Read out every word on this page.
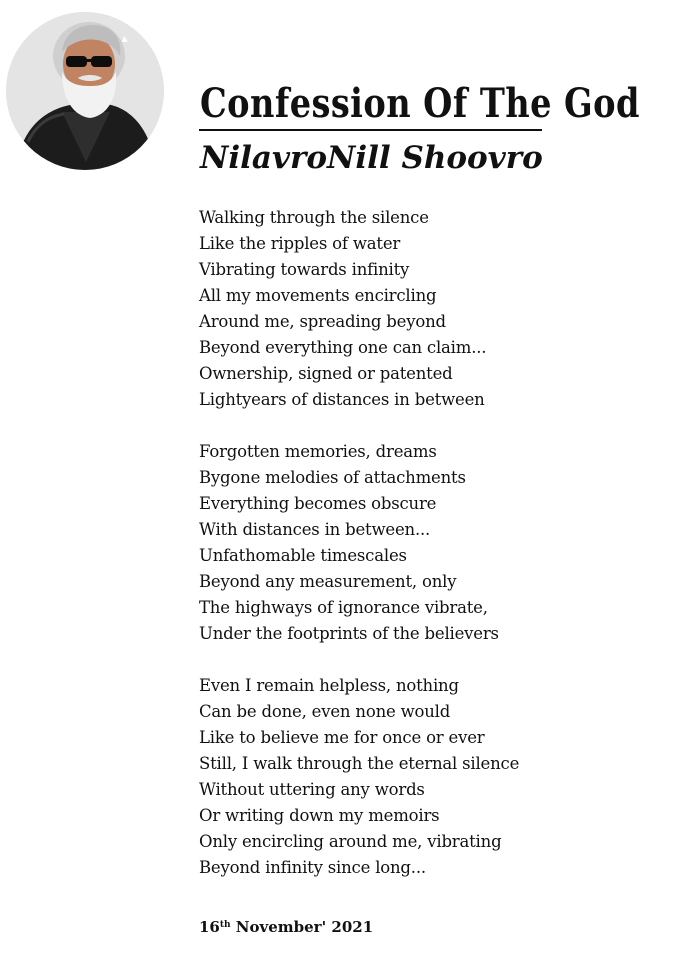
Confession Of The God
NilavroNill Shoovro
Walking through the silence
Like the ripples of water
Vibrating towards infinity
All my movements encircling
Around me, spreading beyond
Beyond everything one can claim...
Ownership, signed or patented
Lightyears of distances in between
Forgotten memories, dreams
Bygone melodies of attachments
Everything becomes obscure
With distances in between...
Unfathomable timescales
Beyond any measurement, only
The highways of ignorance vibrate,
Under the footprints of the believers
Even I remain helpless, nothing
Can be done, even none would
Like to believe me for once or ever
Still, I walk through the eternal silence
Without uttering any words
Or writing down my memoirs
Only encircling around me, vibrating
Beyond infinity since long...
16th November' 2021
